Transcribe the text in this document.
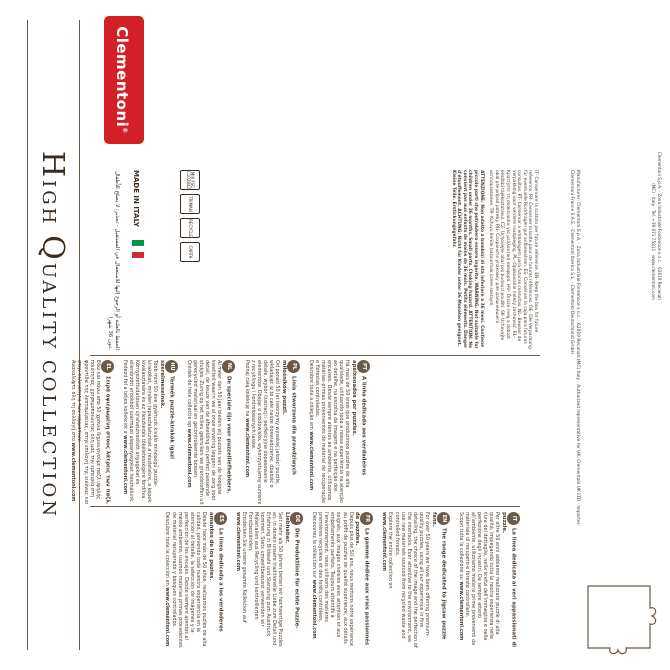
HIGH QUALITY COLLECTION	ITLa linea dedicata ai veri appassionati di puzzle.
Per oltre 50 anni abbiamo realizzato puzzle di alta qualità, impiegando tutta la nostra esperienza nella cura del dettaglio, nella scelta dell'immagine e nella perfezione degli incastri. Da sempre attenti all'ambiente, utilizziamo materie prime provenienti da materiale di recupero e foreste controllate.
Scopri tutta la collezione su www.clementoni.com
ENThe range dedicated to jigsaw puzzle fans.
For over 50 years we have been offering premium-quality puzzles, using all our experience in fine detailing, the choice of the image and the perfection of the interlocks. Ever attentive to the environment, we use raw materials sourced from recycled waste and controlled forests.
Explore the entire collection on www.clementoni.com
FRLa gamme dédiée aux vrais passionnés de puzzles.
Depuis plus de 50 ans, nous mettons notre expérience au profit de puzzles de qualité supérieure, aux détails soignés, aux images choisies avec attention et aux emboîtements parfaits. Toujours attentifs à l'environnement, nous utilisons des matières premières recyclées et des forêts contrôlées.
Découvrez la collection sur www.clementoni.com
DEDie Produktlinie für echte Puzzle-Liebhaber.
Seit mehr als 50 Jahren bieten wir hochwertige Puzzles an, in denen unsere traditionelle Liebe zum Detail und Erfahrung in Bildwahl und Stanzung zum Ausdruck kommen. Stets umweltbewusst verwenden wir Materialien aus Recycling und kontrollierten Forstbeständen.
Entdecken Sie unsere gesamte Kollektion auf www.clementoni.com
ESLa línea dedicada a los verdaderos amantes de los puzles.
Desde hace más de 50 años, realizamos puzles de alta calidad, poniendo toda nuestra experiencia en la atención al detalle, la selección de imágenes y la perfección de los encajes. Desde siempre atentos al medio ambiente, usamos materias primas procedentes de material recuperado y bosques controlados.
Descubre toda la colección en www.clementoni.com
PTA linha dedicada aos verdadeiros apaixonados por puzzles.
Há mais de 50 anos que produzimos puzzles de alta qualidade, utilizando toda a nossa experiência na atenção ao detalhe, na escolha da imagem e na perfeição dos encaixes. Desde sempre atentos ao ambiente, utilizamos matérias-primas provenientes de material de recuperação e florestas controladas.
Descobre toda a coleção em www.clementoni.com
PLLinia stworzona dla prawdziwych miłośników puzzli.
Od ponad 50 lat tworzymy wysokiej jakości puzzle, wkładając w to całe nasze doświadczenie, dbałość o detale, wybór ilustracji i perfekcyjne dopasowanie elementów. Dbając o środowisko, wykorzystujemy surowce z recyklingu i kontrolowanych lasów.
Poznaj całą kolekcję na www.clementoni.com
NLDe speciale lijn voor puzzelliefhebbers.
Al meer dan 50 jaar bieden wij puzzels van de hoogste kwaliteit waarin we al onze ervaring leggen: de zorg voor detail, de keuze van de afbeelding en perfect passende stukjes. Zuinig op het milieu gebruiken we grondstoffen uit gerecycled materiaal en gecontroleerde bossen.
Ontdek de hele collectie op www.clementoni.com
HUTermék puzzle-kirakók igazi szerelmeseinek.
Több mint 50 éve gyártunk kiváló minőségű puzzle-kirakókat, minden tapasztalatunkat a részletekre, a képek kiválasztására és az illeszkedés tökéletességére fordítva. Környezettudatosan újrahasznosított anyagokat és ellenőrzött erdőkből származó alapanyagokat használunk.
Fedezd fel a teljes kollekciót a www.clementoni.com
ELΣειρά αφιερωμένη στους λάτρεις των παζλ.
Εδώ και πάνω από 50 χρόνια δημιουργούμε παζλ υψηλής ποιότητας, χρησιμοποιώντας όλη μας την εμπειρία στη φροντίδα της λεπτομέρειας, στην επιλογή της εικόνας και στην τελειότητα των κομματιών.
Ανακαλύψτε όλη τη συλλογή στο www.clementoni.com
IT- Conservare la scatola per future referenze. EN- Keep the box for future reference. FR- Conserver la boîte pour de futures références. DE- Die Verpackung für eventuelle Rückfragen gut aufbewahren. ES- Conservar la caja para futuras consultas. PT- Conservar a embalagem para futuras consultas. NL- Bewaar de verpakking voor verdere raadpleging. PL- Opakowanie należy zachować. EL- Κρατήστε τη συσκευασία για μελλοντική αναφορά. HU- Őrizze meg a dobozt későbbi tájékoztatásul. CZ- Uchovejte obal pro budoucí použití. SK- Uchovajte obal pre prípad potreby. RU- Сохраните упаковку для дальнейшего использования. TR- Kutuyu ileride başvurmak üzere saklayın.
ATTENZIONE: Non adatto a bambini di età inferiore a 36 mesi. Contiene piccole parti che potrebbero essere ingerite. WARNING: Not suitable for children under 36 months. Small parts. Choking hazard. ATTENTION: Ne convient pas aux enfants de moins de 36 mois. Petits éléments. Danger d'étouffement. ACHTUNG: Nicht für Kinder unter 36 Monaten geeignet. Kleine Teile. Erstickungsgefahr.
MIX FSC C102842
TRIMAN
RECYCLE
CARTA	Manufacturer: Clementoni S.p.A. · Zona Industriale Fontenoce s.n.c. · 62019 Recanati (MC) Italy · Authorized representative for UK: Clementoni UK LTD · Importer: Clementoni France S.A.S. · Clementoni Iberica S.L. · Clementoni Deutschland GmbH	Clementoni S.p.A. · Zona Industriale Fontenoce s.n.c. · 62019 Recanati (MC) · Italy · Tel. +39 071 75811 · www.clementoni.com
Clementoni®
MADE IN ITALY
الحفظ بالعلبة أو الرجوع إليها للاستعمال في المستقبل · تحذير: لا يصلح للأطفال دون 36 شهرا.
